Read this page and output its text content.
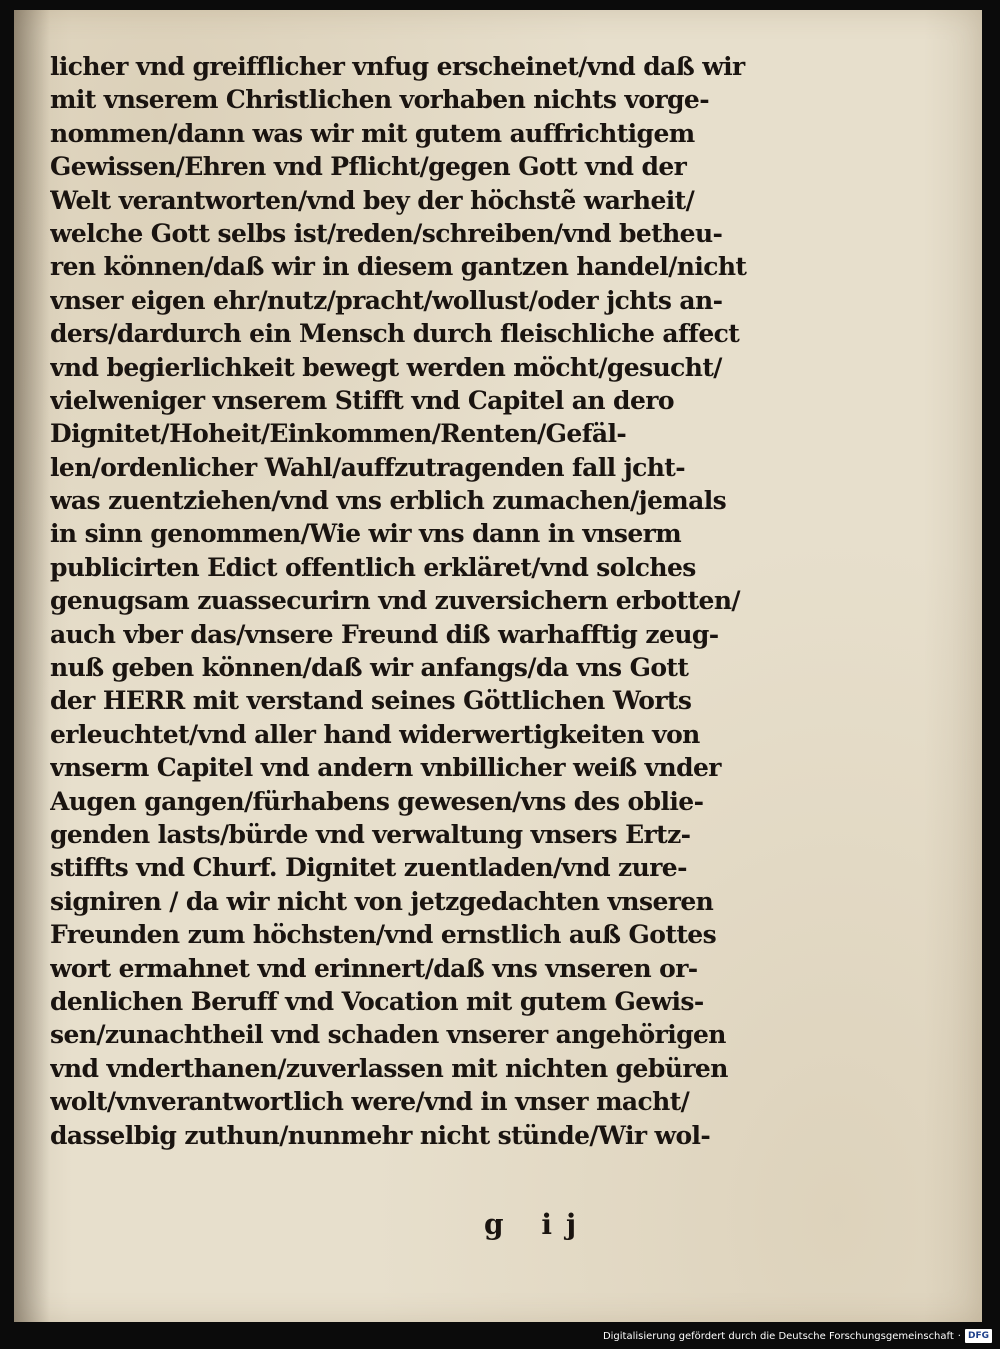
licher vnd greifflicher vnfug erscheinet/vnd daß wir
mit vnserem Christlichen vorhaben nichts vorge-
nommen/dann was wir mit gutem auffrichtigem
Gewissen/Ehren vnd Pflicht/gegen Gott vnd der
Welt verantworten/vnd bey der höchstẽ warheit/
welche Gott selbs ist/reden/schreiben/vnd betheu-
ren können/daß wir in diesem gantzen handel/nicht
vnser eigen ehr/nutz/pracht/wollust/oder jchts an-
ders/dardurch ein Mensch durch fleischliche affect
vnd begierlichkeit bewegt werden möcht/gesucht/
vielweniger vnserem Stifft vnd Capitel an dero
Dignitet/Hoheit/Einkommen/Renten/Gefäl-
len/ordenlicher Wahl/auffzutragenden fall jcht-
was zuentziehen/vnd vns erblich zumachen/jemals
in sinn genommen/Wie wir vns dann in vnserm
publicirten Edict offentlich erkläret/vnd solches
genugsam zuassecurirn vnd zuversichern erbotten/
auch vber das/vnsere Freund diß warhafftig zeug-
nuß geben können/daß wir anfangs/da vns Gott
der HERR mit verstand seines Göttlichen Worts
erleuchtet/vnd aller hand widerwertigkeiten von
vnserm Capitel vnd andern vnbillicher weiß vnder
Augen gangen/fürhabens gewesen/vns des oblie-
genden lasts/bürde vnd verwaltung vnsers Ertz-
stiffts vnd Churf. Dignitet zuentladen/vnd zure-
signiren / da wir nicht von jetzgedachten vnseren
Freunden zum höchsten/vnd ernstlich auß Gottes
wort ermahnet vnd erinnert/daß vns vnseren or-
denlichen Beruff vnd Vocation mit gutem Gewis-
sen/zunachtheil vnd schaden vnserer angehörigen
vnd vnderthanen/zuverlassen mit nichten gebüren
wolt/vnverantwortlich were/vnd in vnser macht/
dasselbig zuthun/nunmehr nicht stünde/Wir wol-
g ij
Digitalisierung gefördert durch die Deutsche Forschungsgemeinschaft · DFG
